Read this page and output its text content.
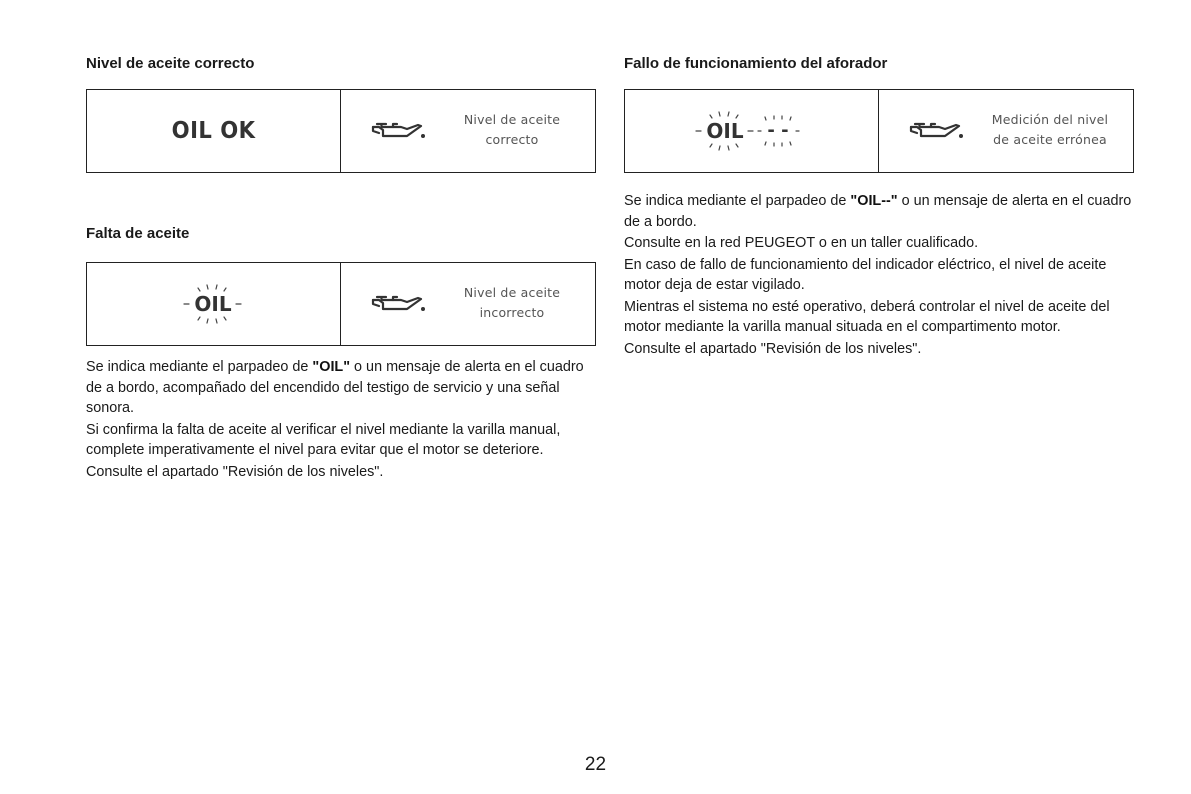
Nivel de aceite correcto
OIL OK	Nivel de aceite
correcto
Falta de aceite
OIL	Nivel de aceite
incorrecto

Se indica mediante el parpadeo de "OIL" o un mensaje de alerta en el cuadro de a bordo, acompañado del encendido del testigo de servicio y una señal sonora.

Si confirma la falta de aceite al verificar el nivel mediante la varilla manual, complete imperativamente el nivel para evitar que el motor se deteriore.

Consulte el apartado "Revisión de los niveles".

Fallo de funcionamiento del aforador
OIL - -
Medición del nivel
de aceite errónea

Se indica mediante el parpadeo de "OIL--" o un mensaje de alerta en el cuadro de a bordo.

Consulte en la red PEUGEOT o en un taller cualificado.

En caso de fallo de funcionamiento del indicador eléctrico, el nivel de aceite motor deja de estar vigilado.

Mientras el sistema no esté operativo, deberá controlar el nivel de aceite del motor mediante la varilla manual situada en el compartimento motor.

Consulte el apartado "Revisión de los niveles".

22
